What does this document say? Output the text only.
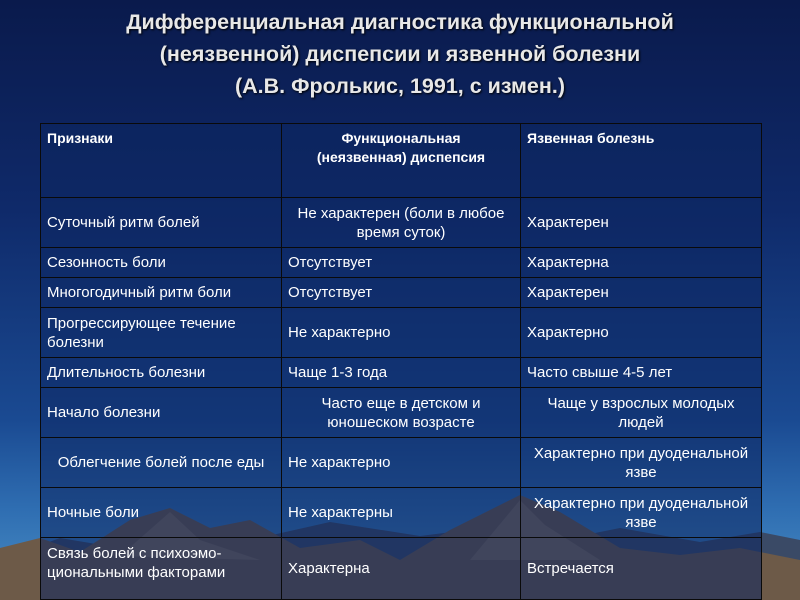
Дифференциальная диагностика функциональной
(неязвенной) диспепсии и язвенной болезни
(А.В. Фролькис, 1991, с измен.)
Признаки	Функциональная (неязвенная) диспепсия	Язвенная болезнь
Суточный ритм болей	Не характерен (боли в любое время суток)	Характерен
Сезонность боли	Отсутствует	Характерна
Многогодичный ритм боли	Отсутствует	Характерен
Прогрессирующее течение болезни	Не характерно	Характерно
Длительность болезни	Чаще 1-3 года	Часто свыше 4-5 лет
Начало болезни	Часто еще в детском и юношеском возрасте	Чаще у взрослых молодых людей
Облегчение болей после еды	Не характерно	Характерно при дуоденальной язве
Ночные боли	Не характерны	Характерно при дуоденальной язве
Связь болей с психоэмо-циональными факторами	Характерна	Встречается
